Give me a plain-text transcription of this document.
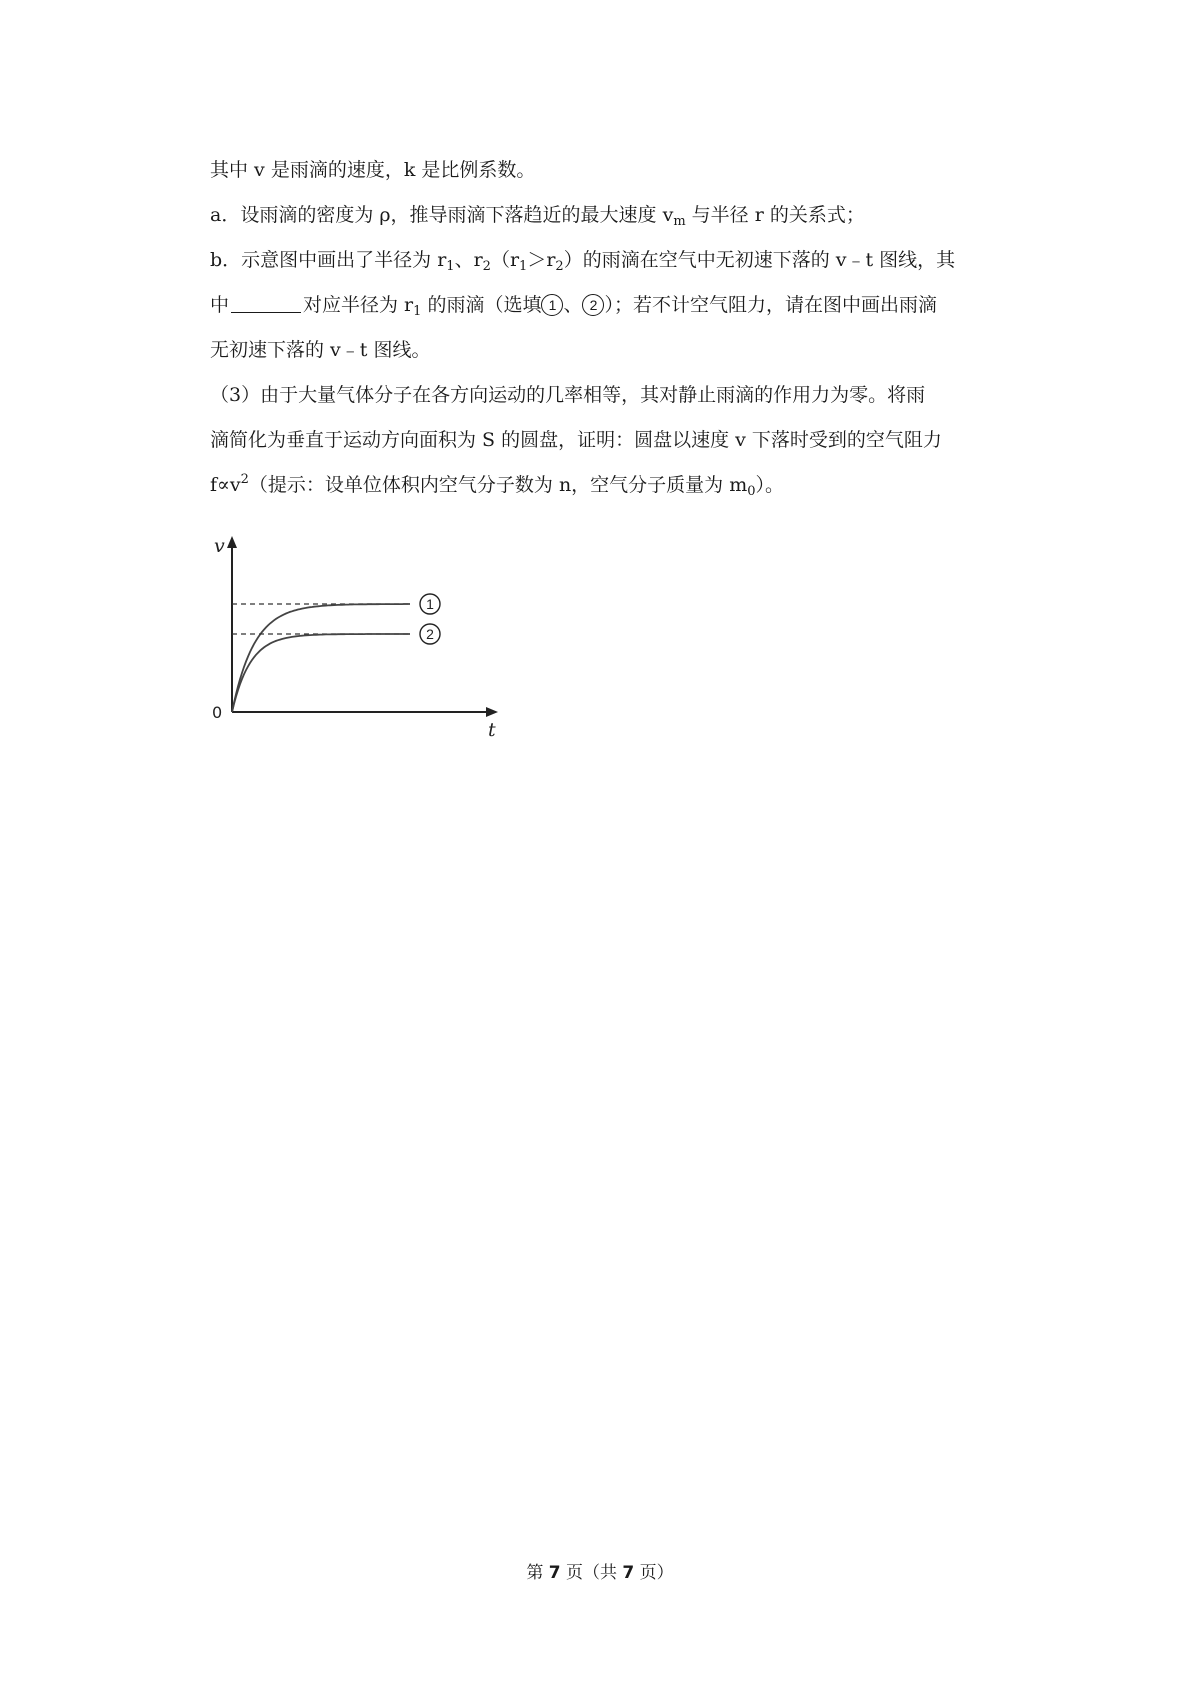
其中 v 是雨滴的速度，k 是比例系数。
a．设雨滴的密度为 ρ，推导雨滴下落趋近的最大速度 $v_m$ 与半径 r 的关系式；
b．示意图中画出了半径为 $r_1$、$r_2(r_1>r_2)$的雨滴在空气中无初速下落的 v﹣t 图线，其
中	对应半径为 $r_1$ 的雨滴（选填 1 、 2 ）；若不计空气阻力，请在图中画出雨滴
无初速下落的 v﹣t 图线。
（3）由于大量气体分子在各方向运动的几率相等，其对静止雨滴的作用力为零。将雨
滴简化为垂直于运动方向面积为 S 的圆盘，证明：圆盘以速度 v 下落时受到的空气阻力
$f\propto v^2$（提示：设单位体积内空气分子数为 n，空气分子质量为 $m_0$）。
v
t
0
1
2
第 7 页（共 7 页）
